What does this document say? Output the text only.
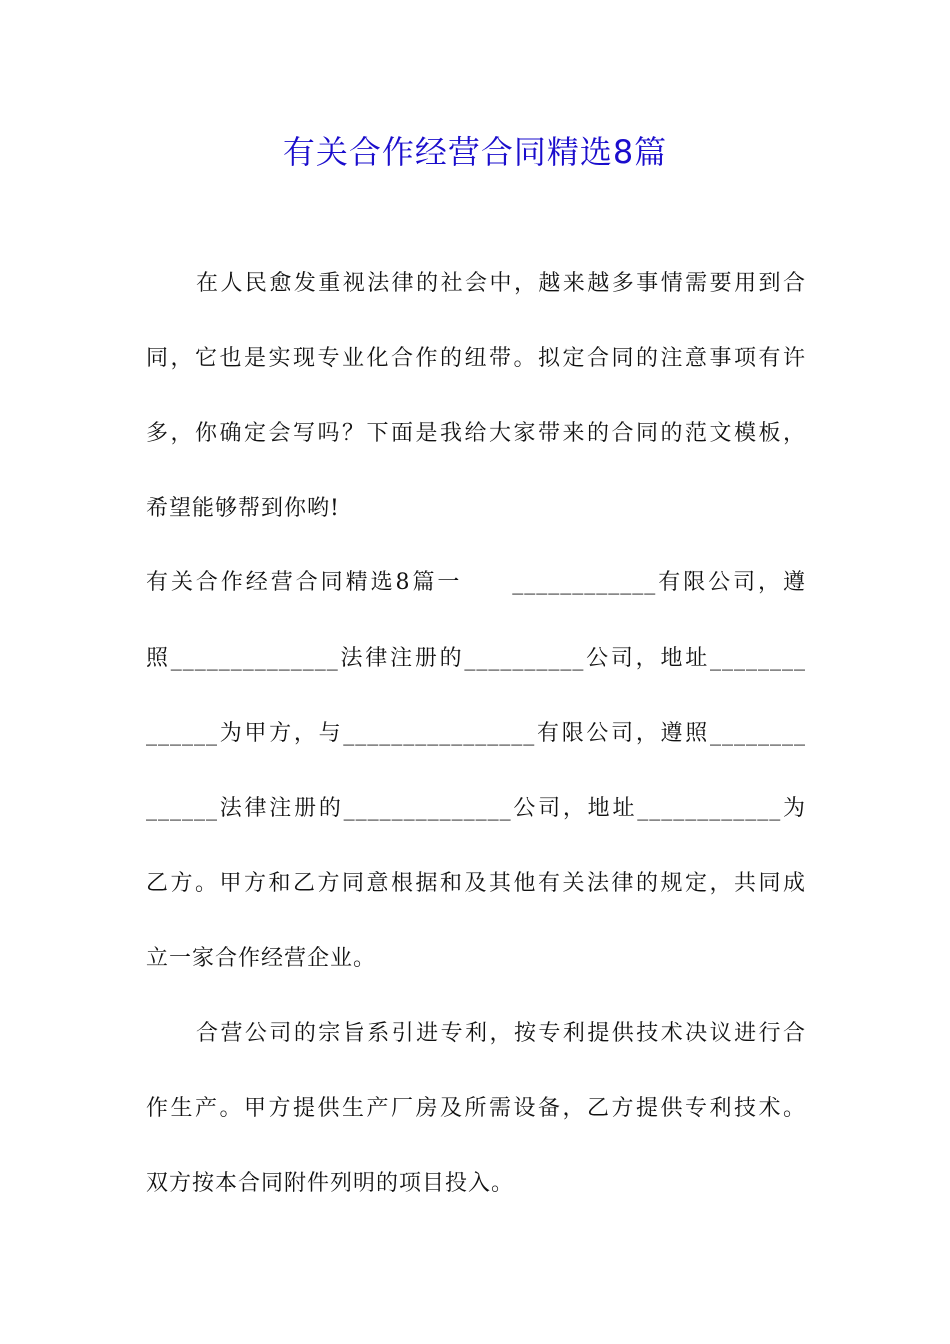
有关合作经营合同精选8篇
在人民愈发重视法律的社会中，越来越多事情需要用到合
同，它也是实现专业化合作的纽带。拟定合同的注意事项有许
多，你确定会写吗？下面是我给大家带来的合同的范文模板，
希望能够帮到你哟!
有关合作经营合同精选8篇一　　____________有限公司，遵
照______________法律注册的__________公司，地址________
______为甲方，与________________有限公司，遵照________
______法律注册的______________公司，地址____________为
乙方。甲方和乙方同意根据和及其他有关法律的规定，共同成
立一家合作经营企业。
合营公司的宗旨系引进专利，按专利提供技术决议进行合
作生产。甲方提供生产厂房及所需设备，乙方提供专利技术。
双方按本合同附件列明的项目投入。
